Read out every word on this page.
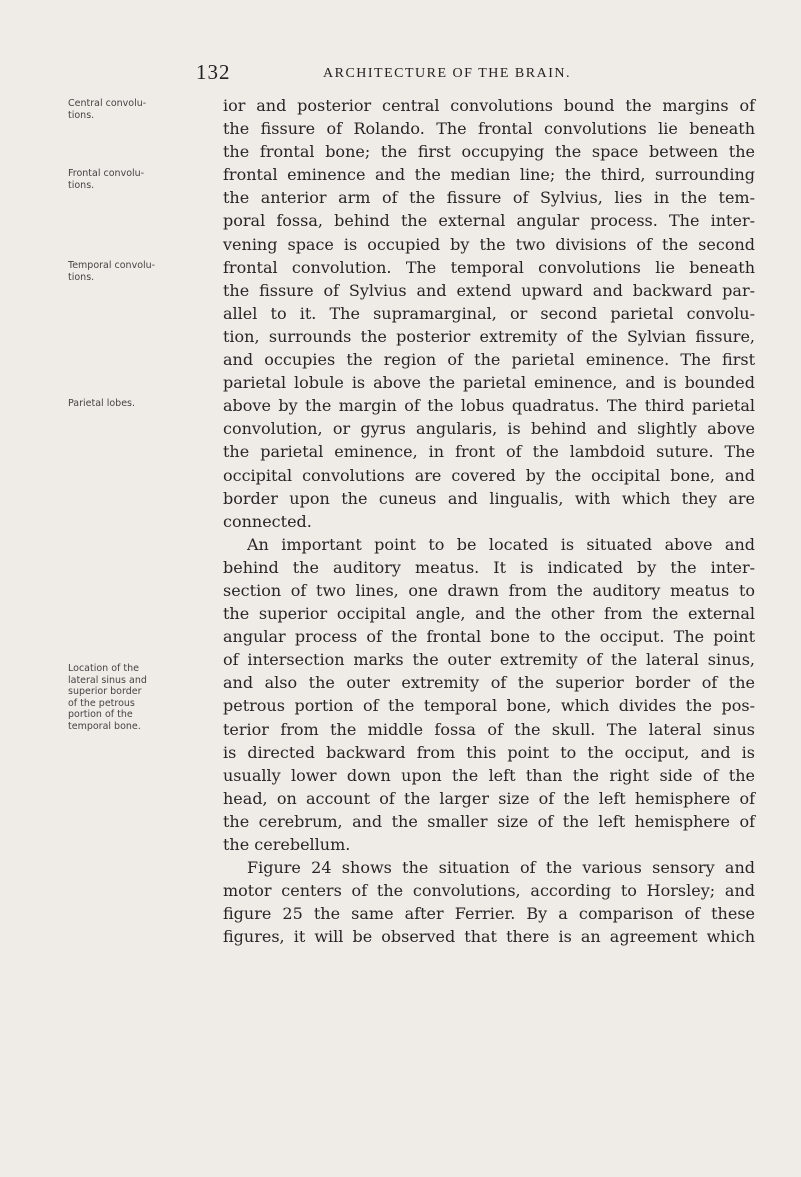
132	ARCHITECTURE OF THE BRAIN.
Central convolu-
tions.
Frontal convolu-
tions.
Temporal convolu-
tions.
Parietal lobes.
Location of the
lateral sinus and
superior border
of the petrous
portion of the
temporal bone.
ior and posterior central convolutions bound the margins of
the fissure of Rolando. The frontal convolutions lie beneath
the frontal bone; the first occupying the space between the
frontal eminence and the median line; the third, surrounding
the anterior arm of the fissure of Sylvius, lies in the tem-
poral fossa, behind the external angular process. The inter-
vening space is occupied by the two divisions of the second
frontal convolution. The temporal convolutions lie beneath
the fissure of Sylvius and extend upward and backward par-
allel to it. The supramarginal, or second parietal convolu-
tion, surrounds the posterior extremity of the Sylvian fissure,
and occupies the region of the parietal eminence. The first
parietal lobule is above the parietal eminence, and is bounded
above by the margin of the lobus quadratus. The third parietal
convolution, or gyrus angularis, is behind and slightly above
the parietal eminence, in front of the lambdoid suture. The
occipital convolutions are covered by the occipital bone, and
border upon the cuneus and lingualis, with which they are
connected.
An important point to be located is situated above and
behind the auditory meatus. It is indicated by the inter-
section of two lines, one drawn from the auditory meatus to
the superior occipital angle, and the other from the external
angular process of the frontal bone to the occiput. The point
of intersection marks the outer extremity of the lateral sinus,
and also the outer extremity of the superior border of the
petrous portion of the temporal bone, which divides the pos-
terior from the middle fossa of the skull. The lateral sinus
is directed backward from this point to the occiput, and is
usually lower down upon the left than the right side of the
head, on account of the larger size of the left hemisphere of
the cerebrum, and the smaller size of the left hemisphere of
the cerebellum.
Figure 24 shows the situation of the various sensory and
motor centers of the convolutions, according to Horsley; and
figure 25 the same after Ferrier. By a comparison of these
figures, it will be observed that there is an agreement which
